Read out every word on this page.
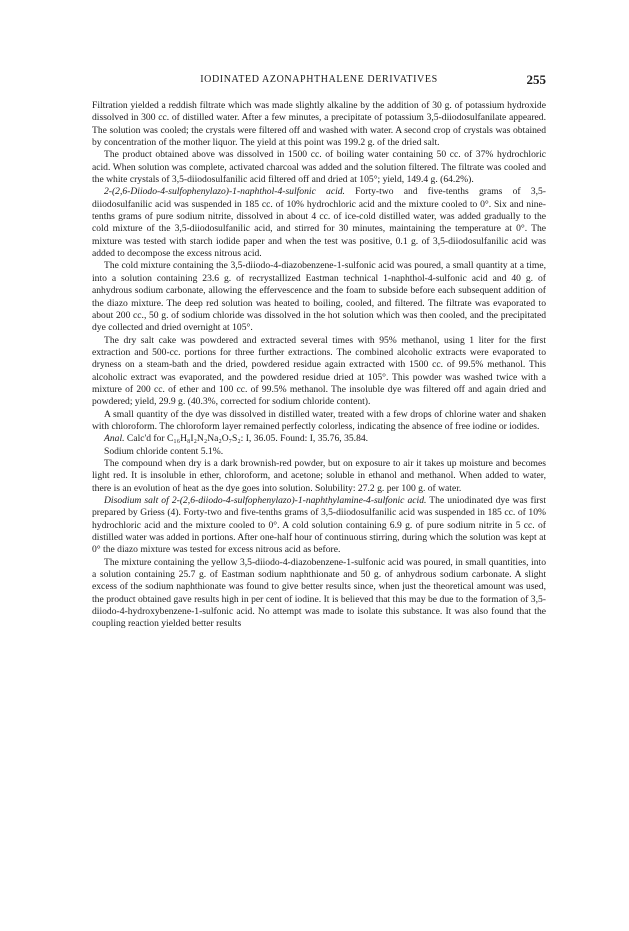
IODINATED AZONAPHTHALENE DERIVATIVES	255

Filtration yielded a reddish filtrate which was made slightly alkaline by the addition of 30 g. of potassium hydroxide dissolved in 300 cc. of distilled water. After a few minutes, a precipitate of potassium 3,5-diiodosulfanilate appeared. The solution was cooled; the crystals were filtered off and washed with water. A second crop of crystals was obtained by concentration of the mother liquor. The yield at this point was 199.2 g. of the dried salt.

The product obtained above was dissolved in 1500 cc. of boiling water containing 50 cc. of 37% hydrochloric acid. When solution was complete, activated charcoal was added and the solution filtered. The filtrate was cooled and the white crystals of 3,5-diiodosulfanilic acid filtered off and dried at 105°; yield, 149.4 g. (64.2%).

2-(2,6-Diiodo-4-sulfophenylazo)-1-naphthol-4-sulfonic acid. Forty-two and five-tenths grams of 3,5-diiodosulfanilic acid was suspended in 185 cc. of 10% hydrochloric acid and the mixture cooled to 0°. Six and nine-tenths grams of pure sodium nitrite, dissolved in about 4 cc. of ice-cold distilled water, was added gradually to the cold mixture of the 3,5-diiodosulfanilic acid, and stirred for 30 minutes, maintaining the temperature at 0°. The mixture was tested with starch iodide paper and when the test was positive, 0.1 g. of 3,5-diiodosulfanilic acid was added to decompose the excess nitrous acid.

The cold mixture containing the 3,5-diiodo-4-diazobenzene-1-sulfonic acid was poured, a small quantity at a time, into a solution containing 23.6 g. of recrystallized Eastman technical 1-naphthol-4-sulfonic acid and 40 g. of anhydrous sodium carbonate, allowing the effervescence and the foam to subside before each subsequent addition of the diazo mixture. The deep red solution was heated to boiling, cooled, and filtered. The filtrate was evaporated to about 200 cc., 50 g. of sodium chloride was dissolved in the hot solution which was then cooled, and the precipitated dye collected and dried overnight at 105°.

The dry salt cake was powdered and extracted several times with 95% methanol, using 1 liter for the first extraction and 500-cc. portions for three further extractions. The combined alcoholic extracts were evaporated to dryness on a steam-bath and the dried, powdered residue again extracted with 1500 cc. of 99.5% methanol. This alcoholic extract was evaporated, and the powdered residue dried at 105°. This powder was washed twice with a mixture of 200 cc. of ether and 100 cc. of 99.5% methanol. The insoluble dye was filtered off and again dried and powdered; yield, 29.9 g. (40.3%, corrected for sodium chloride content).

A small quantity of the dye was dissolved in distilled water, treated with a few drops of chlorine water and shaken with chloroform. The chloroform layer remained perfectly colorless, indicating the absence of free iodine or iodides.

Anal. Calc'd for C₁₆H₈I₂N₂Na₂O₇S₂: I, 36.05. Found: I, 35.76, 35.84.

Sodium chloride content 5.1%.

The compound when dry is a dark brownish-red powder, but on exposure to air it takes up moisture and becomes light red. It is insoluble in ether, chloroform, and acetone; soluble in ethanol and methanol. When added to water, there is an evolution of heat as the dye goes into solution. Solubility: 27.2 g. per 100 g. of water.

Disodium salt of 2-(2,6-diiodo-4-sulfophenylazo)-1-naphthylamine-4-sulfonic acid. The uniodinated dye was first prepared by Griess (4). Forty-two and five-tenths grams of 3,5-diiodosulfanilic acid was suspended in 185 cc. of 10% hydrochloric acid and the mixture cooled to 0°. A cold solution containing 6.9 g. of pure sodium nitrite in 5 cc. of distilled water was added in portions. After one-half hour of continuous stirring, during which the solution was kept at 0° the diazo mixture was tested for excess nitrous acid as before.

The mixture containing the yellow 3,5-diiodo-4-diazobenzene-1-sulfonic acid was poured, in small quantities, into a solution containing 25.7 g. of Eastman sodium naphthionate and 50 g. of anhydrous sodium carbonate. A slight excess of the sodium naphthionate was found to give better results since, when just the theoretical amount was used, the product obtained gave results high in per cent of iodine. It is believed that this may be due to the formation of 3,5-diiodo-4-hydroxybenzene-1-sulfonic acid. No attempt was made to isolate this substance. It was also found that the coupling reaction yielded better results
